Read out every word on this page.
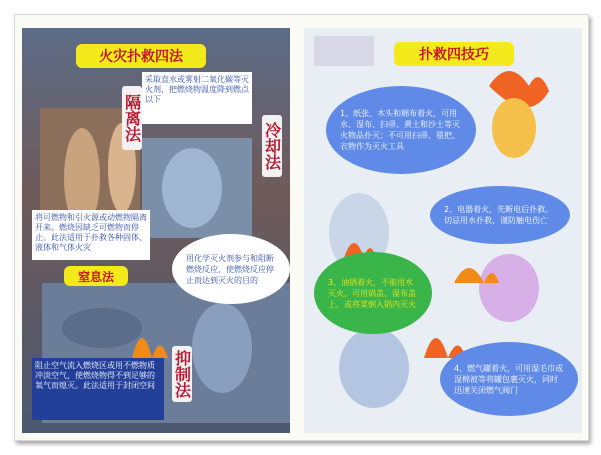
火灾扑救四法
隔离法
采取直水或雾射二氧化碳等灭火剂，把燃烧物温度降到燃点以下
冷却法
将可燃物和引火源或动燃物隔离开来。燃烧因缺乏可燃物而停止。此法适用于扑救各种固体、液体和气体火灾
用化学灭火剂参与和阻断燃烧反应，使燃烧反应停止而达到灭火的目的
窒息法
抑制法
阻止空气流入燃烧区或用不燃物质冲淡空气，使燃烧物得不到足够的氧气而熄灭。此法适用于封闭空间
扑救四技巧
1、纸张、木头和棉布着火，可用水、湿布、扫帚、黄土和沙土等灭火物品扑灭；不可用扫帚、毯把、衣物作为灭火工具
2、电器着火，先断电后扑救。切忌用水扑救，谨防触电伤亡
3、油锅着火，不能用水灭火，可用锅盖、湿布盖上，或将菜倒入锅内灭火
4、燃气罐着火，可用湿毛巾或湿棉被等将罐包裹灭火，同时迅速关闭燃气阀门
